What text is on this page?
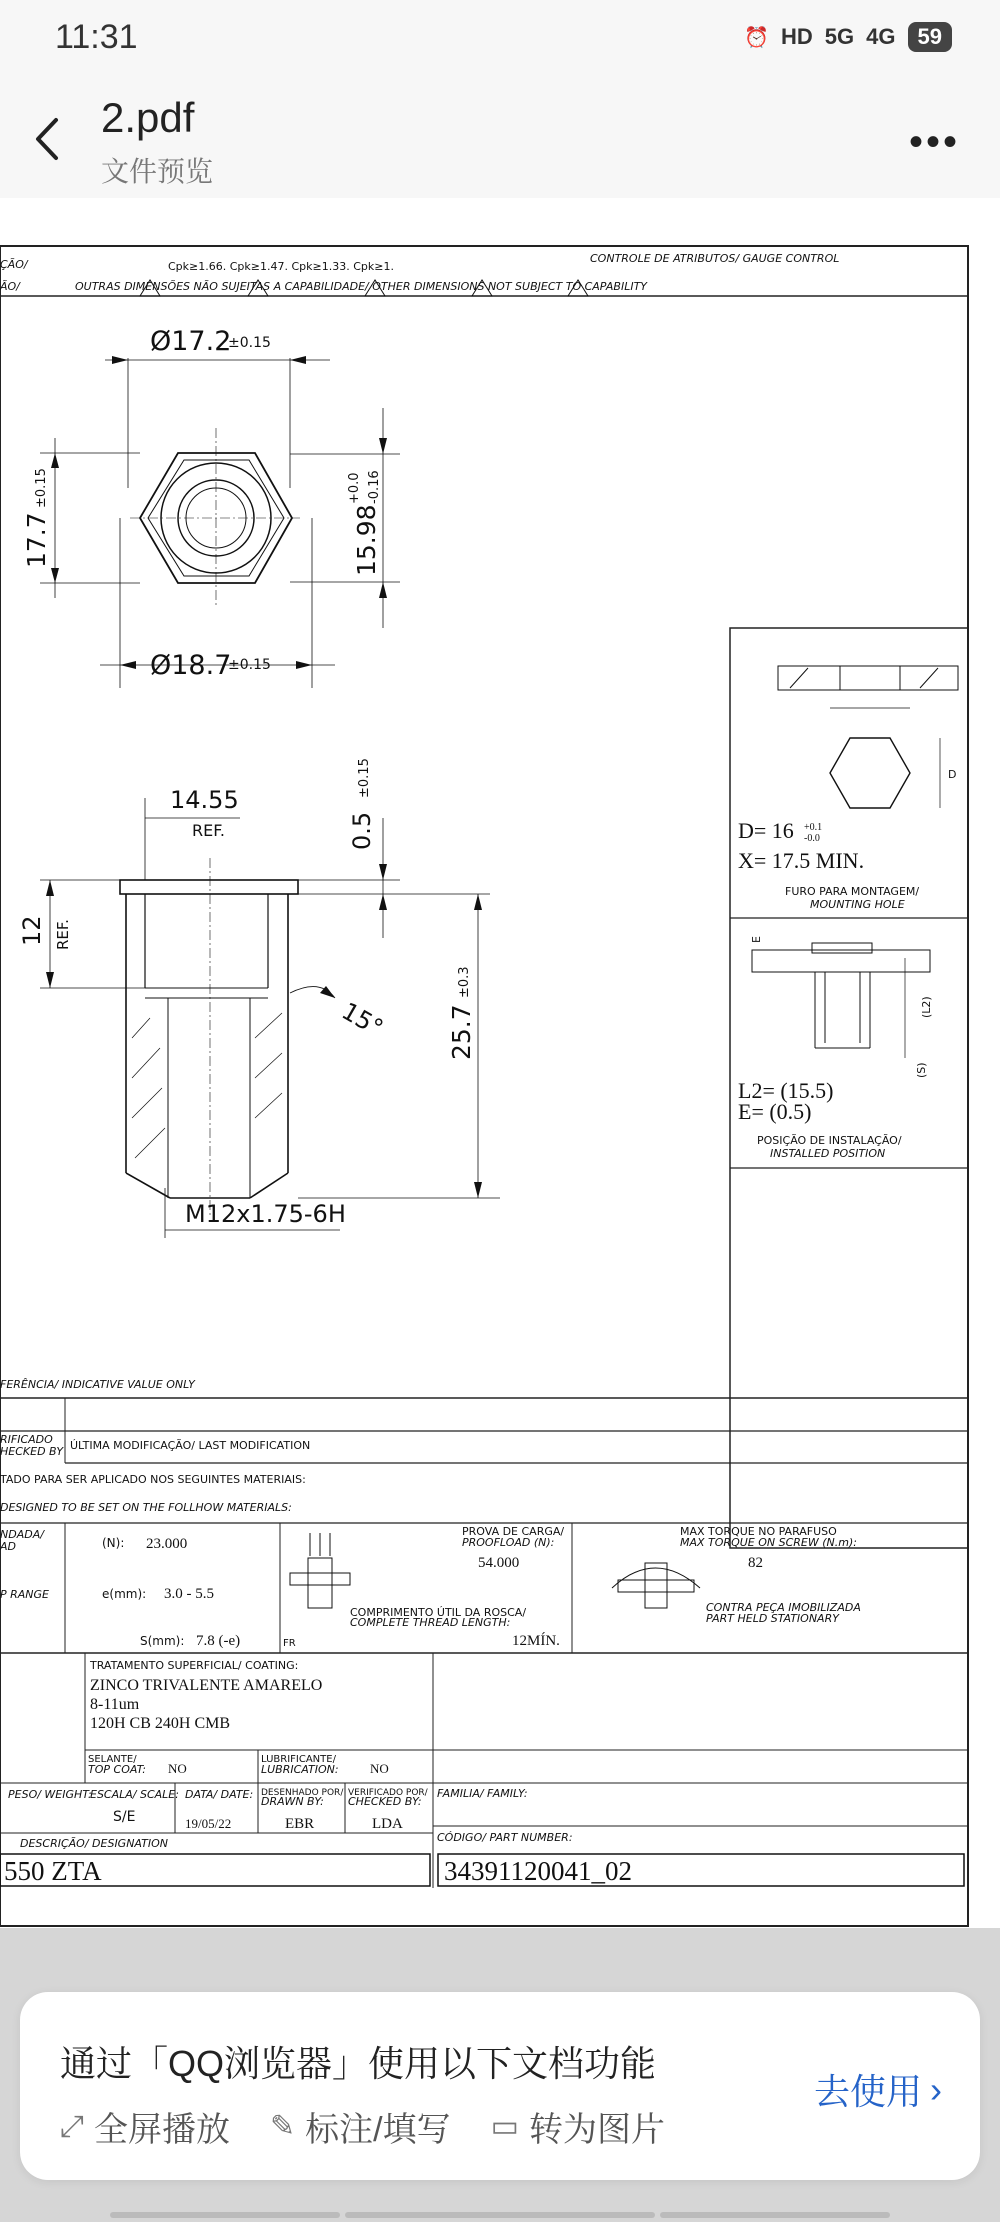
11:31	⏰ HD 5G 4G	59
2.pdf
文件预览
•••
ÇÃO/
ÃO/
Cpk≥1.66. Cpk≥1.47. Cpk≥1.33. Cpk≥1.
CONTROLE DE ATRIBUTOS/ GAUGE CONTROL
OUTRAS DIMENSÕES NÃO SUJEITAS A CAPABILIDADE/ OTHER DIMENSIONS NOT SUBJECT TO CAPABILITY
Ø17.2
±0.15
17.7
±0.15
15.98
+0.0 -0.16
Ø18.7
±0.15
14.55
REF.	0.5
±0.15
12 REF.
25.7
±0.3
15°
M12x1.75-6H
D
D= 16 +0.1
-0.0
X= 17.5 MIN.
FURO PARA MONTAGEM/
MOUNTING HOLE
(L2)
(S)
E
L2= (15.5)
E= (0.5)
POSIÇÃO DE INSTALAÇÃO/
INSTALLED POSITION
FERÊNCIA/ INDICATIVE VALUE ONLY
RIFICADO
HECKED BY ÚLTIMA MODIFICAÇÃO/ LAST MODIFICATION
TADO PARA SER APLICADO NOS SEGUINTES MATERIAIS:
DESIGNED TO BE SET ON THE FOLLHOW MATERIALS:
NDADA/
AD	(N): 23.000
P RANGE	e(mm): 3.0 - 5.5
S(mm): 7.8 (-e)
PROVA DE CARGA/
PROOFLOAD (N):
54.000
COMPRIMENTO ÚTIL DA ROSCA/
COMPLETE THREAD LENGTH:
12MÍN.
FR
MAX TORQUE NO PARAFUSO
MAX TORQUE ON SCREW (N.m):
82
CONTRA PEÇA IMOBILIZADA
PART HELD STATIONARY
TRATAMENTO SUPERFICIAL/ COATING:
ZINCO TRIVALENTE AMARELO
8-11um
120H CB 240H CMB
SELANTE/
TOP COAT: NO
LUBRIFICANTE/
LUBRICATION: NO
PESO/ WEIGHT:
ESCALA/ SCALE:
S/E
DATA/ DATE:
19/05/22
DESENHADO POR/
DRAWN BY:
EBR
VERIFICADO POR/
CHECKED BY:
LDA
FAMILIA/ FAMILY:
DESCRIÇÃO/ DESIGNATION	CÓDIGO/ PART NUMBER:
550 ZTA	34391120041_02
通过「QQ浏览器」使用以下文档功能
⤢ 全屏播放 ✎ 标注/填写 ▭ 转为图片
去使用 ›
